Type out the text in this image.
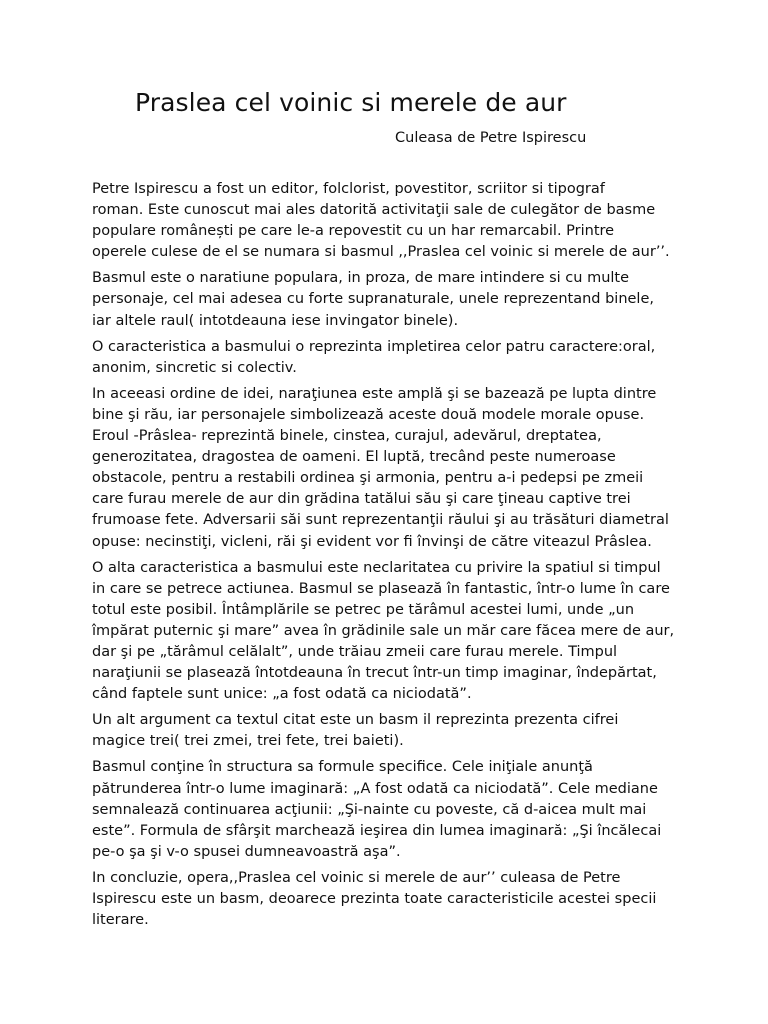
Praslea cel voinic si merele de aur
Culeasa de Petre Ispirescu

Petre Ispirescu a fost un editor, folclorist, povestitor, scriitor si tipograf
roman. Este cunoscut mai ales datorită activitaţii sale de culegător de basme
populare românești pe care le-a repovestit cu un har remarcabil. Printre
operele culese de el se numara si basmul ,,Praslea cel voinic si merele de aur’’.

Basmul este o naratiune populara, in proza, de mare intindere si cu multe
personaje, cel mai adesea cu forte supranaturale, unele reprezentand binele,
iar altele raul( intotdeauna iese invingator binele).

O caracteristica a basmului o reprezinta impletirea celor patru caractere:oral,
anonim, sincretic si colectiv.

In aceeasi ordine de idei, naraţiunea este amplă şi se bazează pe lupta dintre
bine şi rău, iar personajele simbolizează aceste două modele morale opuse.
Eroul -Prâslea- reprezintă binele, cinstea, curajul, adevărul, dreptatea,
generozitatea, dragostea de oameni. El luptă, trecând peste numeroase
obstacole, pentru a restabili ordinea şi armonia, pentru a-i pedepsi pe zmeii
care furau merele de aur din grădina tatălui său şi care ţineau captive trei
frumoase fete. Adversarii săi sunt reprezentanţii răului şi au trăsături diametral
opuse: necinstiţi, vicleni, răi şi evident vor fi învinşi de către viteazul Prâslea.

O alta caracteristica a basmului este neclaritatea cu privire la spatiul si timpul
in care se petrece actiunea. Basmul se plasează în fantastic, într-o lume în care
totul este posibil. Întâmplările se petrec pe tărâmul acestei lumi, unde „un
împărat puternic şi mare” avea în grădinile sale un măr care făcea mere de aur,
dar şi pe „tărâmul celălalt”, unde trăiau zmeii care furau merele. Timpul
naraţiunii se plasează întotdeauna în trecut într-un timp imaginar, îndepărtat,
când faptele sunt unice: „a fost odată ca niciodată”.

Un alt argument ca textul citat este un basm il reprezinta prezenta cifrei
magice trei( trei zmei, trei fete, trei baieti).

Basmul conţine în structura sa formule specifice. Cele iniţiale anunţă
pătrunderea într-o lume imaginară: „A fost odată ca niciodată”. Cele mediane
semnalează continuarea acţiunii: „Şi-nainte cu poveste, că d-aicea mult mai
este”. Formula de sfârşit marchează ieşirea din lumea imaginară: „Şi încălecai
pe-o şa şi v-o spusei dumneavoastră aşa”.

In concluzie, opera,,Praslea cel voinic si merele de aur’’ culeasa de Petre
Ispirescu este un basm, deoarece prezinta toate caracteristicile acestei specii
literare.
